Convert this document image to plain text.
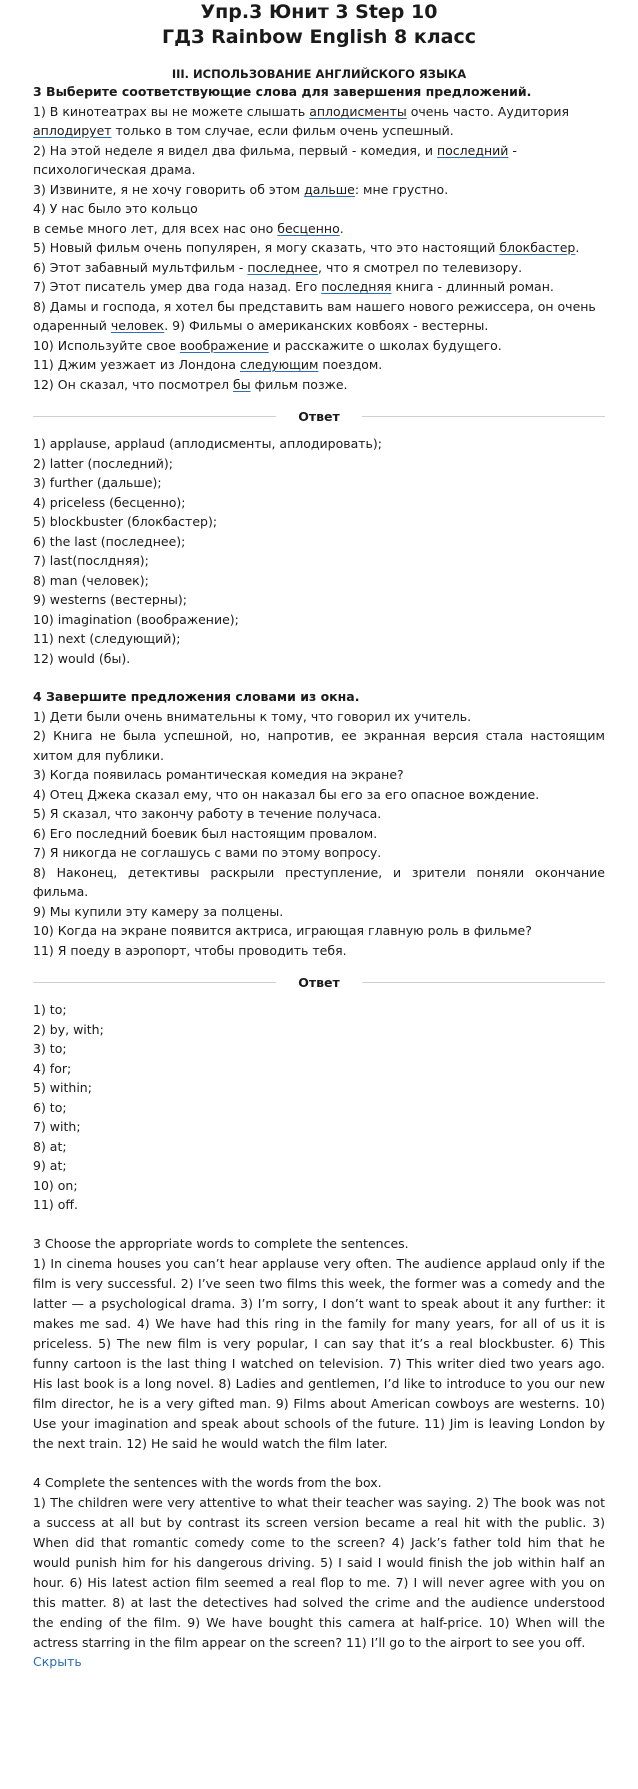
Упр.3 Юнит 3 Step 10
ГДЗ Rainbow English 8 класс
III. ИСПОЛЬЗОВАНИЕ АНГЛИЙСКОГО ЯЗЫКА
3 Выберите соответствующие слова для завершения предложений.

1) В кинотеатрах вы не можете слышать аплодисменты очень часто. Аудитория

аплодирует только в том случае, если фильм очень успешный.

2) На этой неделе я видел два фильма, первый - комедия, и последний -

психологическая драма.

3) Извините, я не хочу говорить об этом дальше: мне грустно.

4) У нас было это кольцо

в семье много лет, для всех нас оно бесценно.

5) Новый фильм очень популярен, я могу сказать, что это настоящий блокбастер.

6) Этот забавный мультфильм - последнее, что я смотрел по телевизору.

7) Этот писатель умер два года назад. Его последняя книга - длинный роман.

8) Дамы и господа, я хотел бы представить вам нашего нового режиссера, он очень

одаренный человек. 9) Фильмы о американских ковбоях - вестерны.

10) Используйте свое воображение и расскажите о школах будущего.

11) Джим уезжает из Лондона следующим поездом.

12) Он сказал, что посмотрел бы фильм позже.

Ответ
1) applause, applaud (аплодисменты, аплодировать);
2) latter (последний);
3) further (дальше);
4) priceless (бесценно);
5) blockbuster (блокбастер);
6) the last (последнее);
7) last(послдняя);
8) man (человек);
9) westerns (вестерны);
10) imagination (воображение);
11) next (следующий);
12) would (бы).
4 Завершите предложения словами из окна.

1) Дети были очень внимательны к тому, что говорил их учитель.

2) Книга не была успешной, но, напротив, ее экранная версия стала настоящим хитом для публики.

3) Когда появилась романтическая комедия на экране?

4) Отец Джека сказал ему, что он наказал бы его за его опасное вождение.

5) Я сказал, что закончу работу в течение получаса.

6) Его последний боевик был настоящим провалом.

7) Я никогда не соглашусь с вами по этому вопросу.

8) Наконец, детективы раскрыли преступление, и зрители поняли окончание фильма.

9) Мы купили эту камеру за полцены.

10) Когда на экране появится актриса, играющая главную роль в фильме?

11) Я поеду в аэропорт, чтобы проводить тебя.

Ответ
1) to;
2) by, with;
3) to;
4) for;
5) within;
6) to;
7) with;
8) at;
9) at;
10) on;
11) off.

3 Choose the appropriate words to complete the sentences.

1) In cinema houses you can’t hear applause very often. The audience applaud only if the film is very successful. 2) I’ve seen two films this week, the former was a comedy and the latter — a psychological drama. 3) I’m sorry, I don’t want to speak about it any further: it makes me sad. 4) We have had this ring in the family for many years, for all of us it is priceless. 5) The new film is very popular, I can say that it’s a real blockbuster. 6) This funny cartoon is the last thing I watched on television. 7) This writer died two years ago. His last book is a long novel. 8) Ladies and gentlemen, I’d like to introduce to you our new film director, he is a very gifted man. 9) Films about American cowboys are westerns. 10) Use your imagination and speak about schools of the future. 11) Jim is leaving London by the next train. 12) He said he would watch the film later.

4 Complete the sentences with the words from the box.

1) The children were very attentive to what their teacher was saying. 2) The book was not a success at all but by contrast its screen version became a real hit with the public. 3) When did that romantic comedy come to the screen? 4) Jack’s father told him that he would punish him for his dangerous driving. 5) I said I would finish the job within half an hour. 6) His latest action film seemed a real flop to me. 7) I will never agree with you on this matter. 8) at last the detectives had solved the crime and the audience understood the ending of the film. 9) We have bought this camera at half-price. 10) When will the actress starring in the film appear on the screen? 11) I’ll go to the airport to see you off.

Скрыть
